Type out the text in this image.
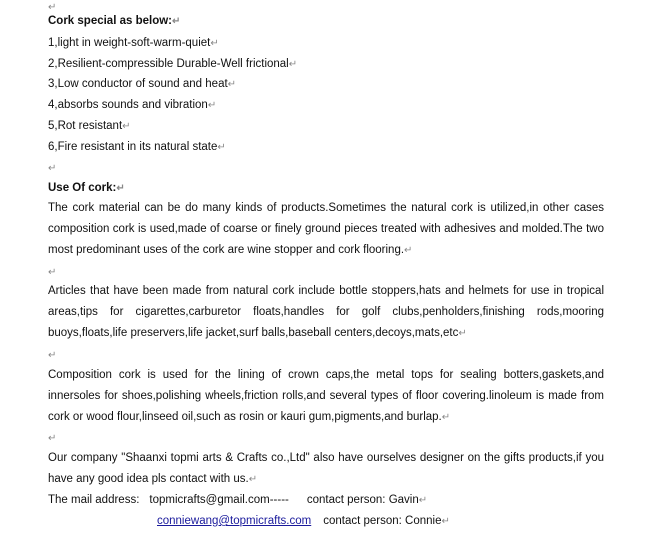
↵
Cork special as below:↵
1,light in weight-soft-warm-quiet↵
2,Resilient-compressible Durable-Well frictional↵
3,Low conductor of sound and heat↵
4,absorbs sounds and vibration↵
5,Rot resistant↵
6,Fire resistant in its natural state↵
↵
Use Of cork:↵
The cork material can be do many kinds of products.Sometimes the natural cork is utilized,in other cases composition cork is used,made of coarse or finely ground pieces treated with adhesives and molded.The two most predominant uses of the cork are wine stopper and cork flooring.↵
↵
Articles that have been made from natural cork include bottle stoppers,hats and helmets for use in tropical areas,tips for cigarettes,carburetor floats,handles for golf clubs,penholders,finishing rods,mooring buoys,floats,life preservers,life jacket,surf balls,baseball centers,decoys,mats,etc↵
↵
Composition cork is used for the lining of crown caps,the metal tops for sealing botters,gaskets,and innersoles for shoes,polishing wheels,friction rolls,and several types of floor covering.linoleum is made from cork or wood flour,linseed oil,such as rosin or kauri gum,pigments,and burlap.↵
↵
Our company "Shaanxi topmi arts & Crafts co.,Ltd" also have ourselves designer on the gifts products,if you have any good idea pls contact with us.↵
The mail address: topmicrafts@gmail.com----- contact person: Gavin↵
conniewang@topmicrafts.com contact person: Connie↵
